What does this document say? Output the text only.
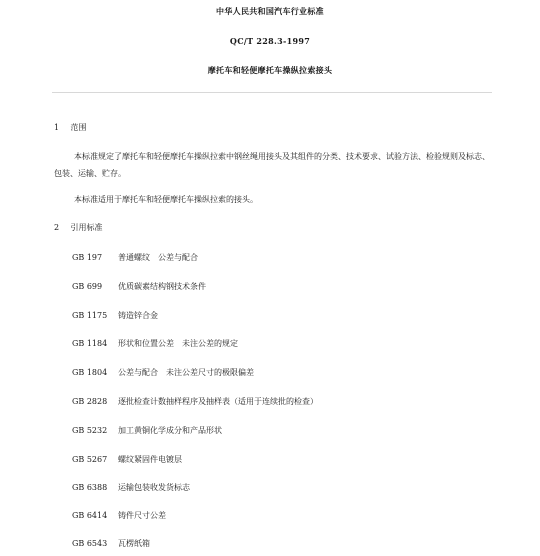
中华人民共和国汽车行业标准
QC/T 228.3-1997
摩托车和轻便摩托车操纵拉索接头
1 范围

本标准规定了摩托车和轻便摩托车操纵拉索中钢丝绳用接头及其组件的分类、技术要求、试验方法、检验规则及标志、包装、运输、贮存。

本标准适用于摩托车和轻便摩托车操纵拉索的接头。

2 引用标准
GB 197 普通螺纹　公差与配合
GB 699 优质碳素结构钢技术条件
GB 1175 铸造锌合金
GB 1184 形状和位置公差　未注公差的规定
GB 1804 公差与配合　未注公差尺寸的极限偏差
GB 2828 逐批检查计数抽样程序及抽样表（适用于连续批的检查）
GB 5232 加工黄铜化学成分和产品形状
GB 5267 螺纹紧固件电镀层
GB 6388 运输包装收发货标志
GB 6414 铸件尺寸公差
GB 6543 瓦楞纸箱
